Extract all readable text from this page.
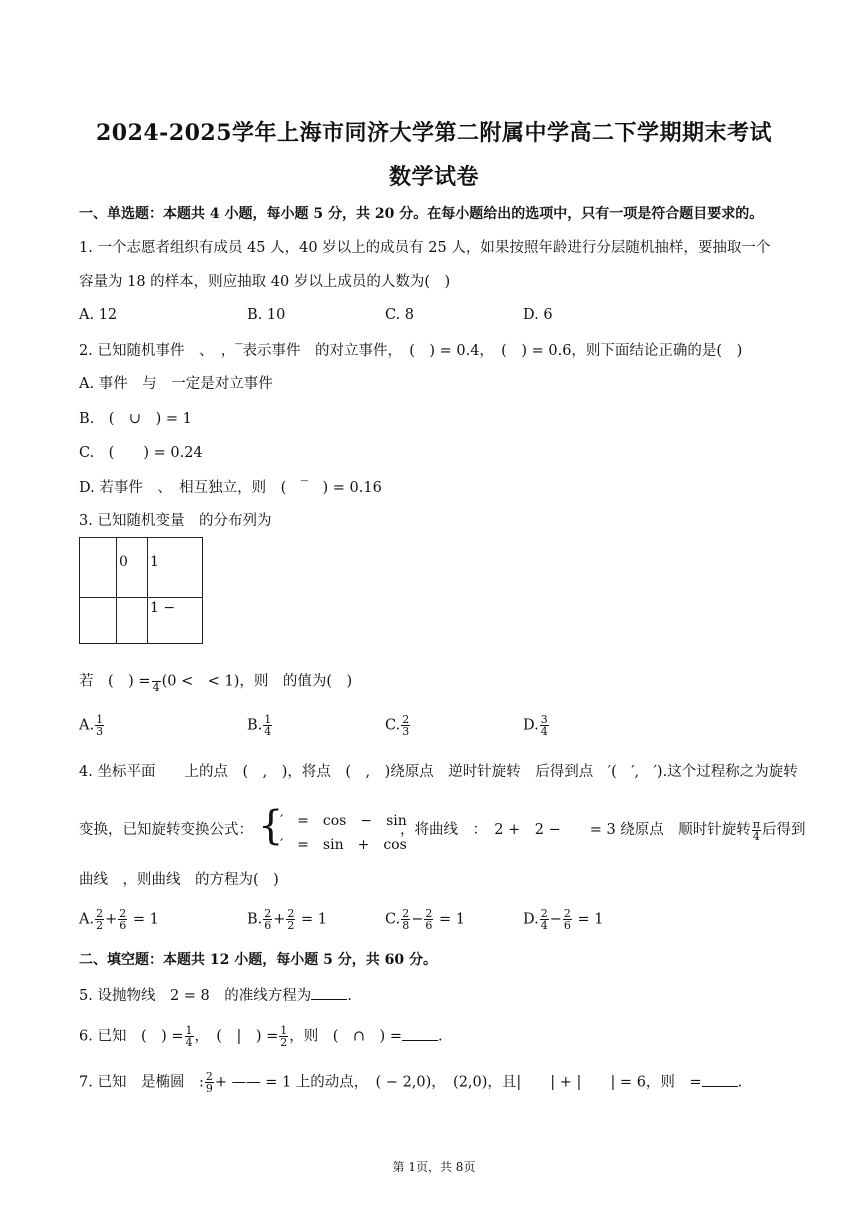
2024-2025学年上海市同济大学第二附属中学高二下学期期末考试
数学试卷
一、单选题：本题共 4 小题，每小题 5 分，共 20 分。在每小题给出的选项中，只有一项是符合题目要求的。
1. 一个志愿者组织有成员 45 人，40 岁以上的成员有 25 人，如果按照年龄进行分层随机抽样，要抽取一个
容量为 18 的样本，则应抽取 40 岁以上成员的人数为(　)
A. 12	B. 10	C. 8	D. 6
2. 已知随机事件　、　，‾表示事件　的对立事件，　(　) = 0.4，　(　) = 0.6，则下面结论正确的是(　)
A. 事件　与　一定是对立事件
B.　(　∪　) = 1
C.　(　　) = 0.24
D. 若事件　、　相互独立，则　(　‾　) = 0.16
3. 已知随机变量　的分布列为
	0	1
		1 −
若　(　) =
4 (0 <　< 1)，则　的值为(　)
A. $\frac{1}{3}$	B. $\frac{1}{4}$	C. $\frac{2}{3}$	D. $\frac{3}{4}$
4. 坐标平面　　上的点　(　,　)，将点　(　,　)绕原点　逆时针旋转　后得到点　′(　′,　′).这个过程称之为旋转
变换，已知旋转变换公式： {
′　=　cos　−　sin
′　=　sin　+　cos
，将曲线　：　2 +　2 −　　= 3 绕原点　顺时针旋转 $\frac{\pi}{4}$ 后得到
曲线　，则曲线　的方程为(　)
A. $\frac{2}{2} + \frac{2}{6} = 1$	B. $\frac{2}{6} + \frac{2}{2} = 1$	C. $\frac{2}{8} - \frac{2}{6} = 1$	D. $\frac{2}{4} - \frac{2}{6} = 1$
二、填空题：本题共 12 小题，每小题 5 分，共 60 分。
5. 设抛物线　2 = 8　的准线方程为 .
6. 已知　(　) = $\frac{1}{4}$ ，　(　|　) = $\frac{1}{2}$ ，则　(　∩　) = .
7. 已知　是椭圆　: $\frac{2}{9}$ + —— = 1 上的动点，　( − 2,0)，　(2,0)，且|　　| + |　　| = 6，则　= .
第 1页，共 8页
